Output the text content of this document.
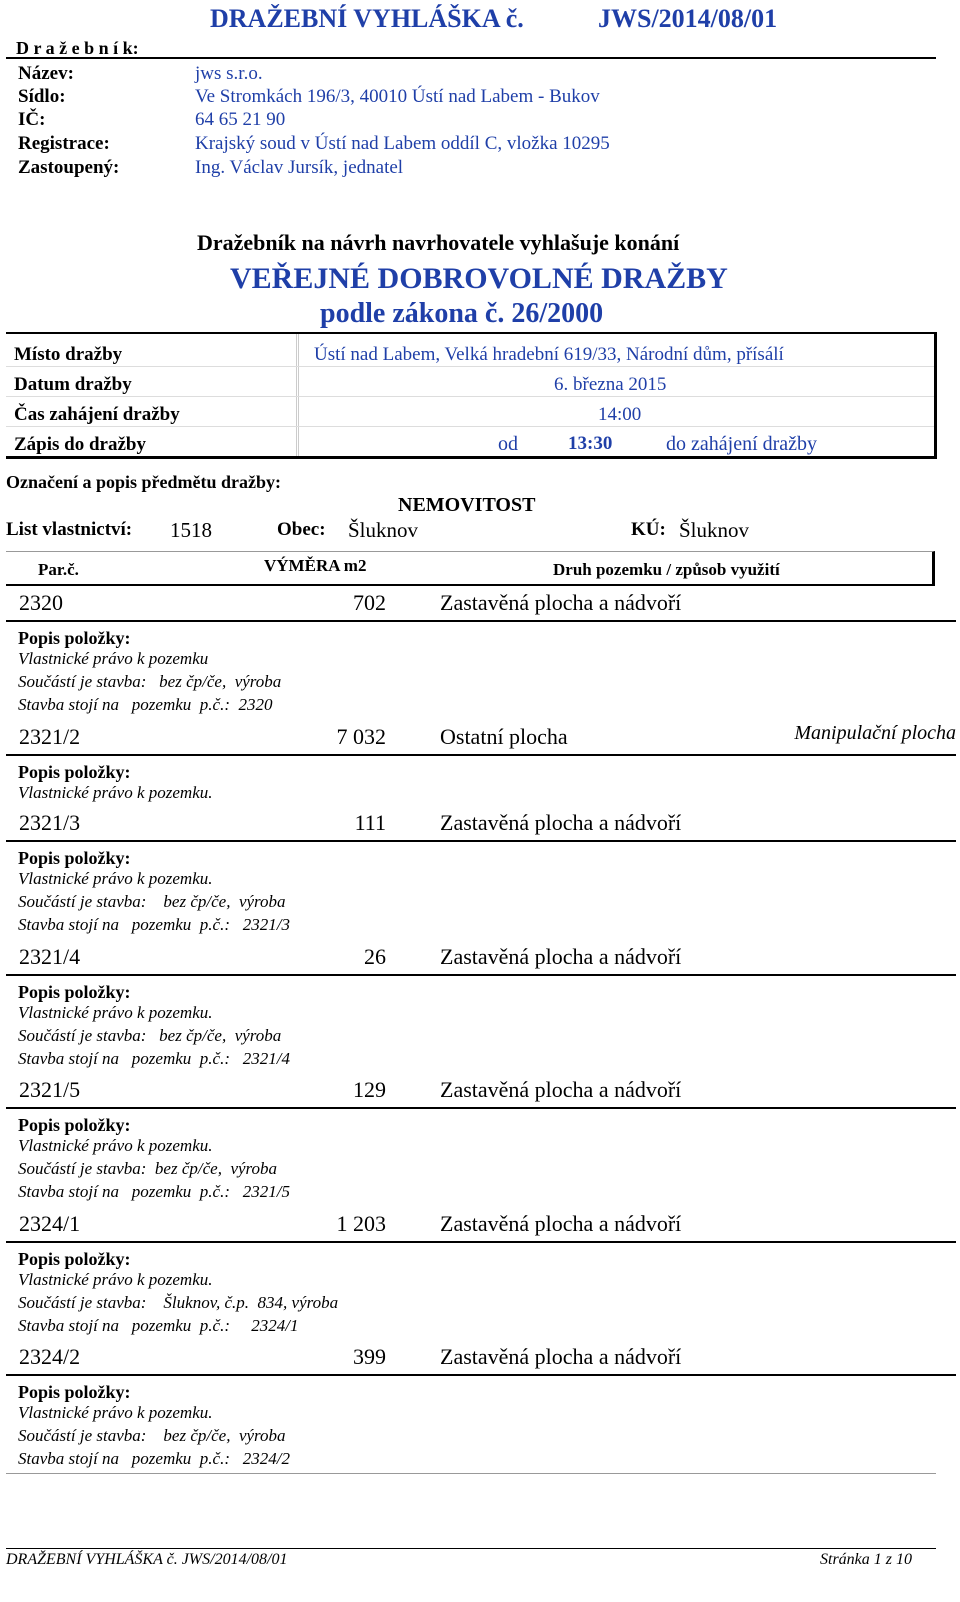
DRAŽEBNÍ VYHLÁŠKA č.	JWS/2014/08/01
D r a ž e b n í k:
Název:	jws s.r.o.
Sídlo:	Ve Stromkách 196/3, 40010 Ústí nad Labem - Bukov
IČ:	64 65 21 90
Registrace:	Krajský soud v Ústí nad Labem oddíl C, vložka 10295
Zastoupený:	Ing. Václav Jursík, jednatel
Dražebník na návrh navrhovatele vyhlašuje konání
VEŘEJNÉ DOBROVOLNÉ DRAŽBY
podle zákona č. 26/2000
Místo dražby	Ústí nad Labem, Velká hradební 619/33, Národní dům, přísálí
Datum dražby	6. března 2015
Čas zahájení dražby	14:00
Zápis do dražby	od	13:30	do zahájení dražby
Označení a popis předmětu dražby:
NEMOVITOST
List vlastnictví: 1518	Obec: Šluknov	KÚ: Šluknov
Par.č.	VÝMĚRA m2	Druh pozemku / způsob využití
2320	702 Zastavěná plocha a nádvoří
Popis položky:
Vlastnické právo k pozemku
Součástí je stavba:   bez čp/če,  výroba
Stavba stojí na   pozemku  p.č.:  2320
2321/2	7 032 Ostatní plocha	Manipulační plocha
Popis položky:
Vlastnické právo k pozemku.
2321/3	111 Zastavěná plocha a nádvoří
Popis položky:
Vlastnické právo k pozemku.
Součástí je stavba:    bez čp/če,  výroba
Stavba stojí na   pozemku  p.č.:   2321/3
2321/4	26 Zastavěná plocha a nádvoří
Popis položky:
Vlastnické právo k pozemku.
Součástí je stavba:   bez čp/če,  výroba
Stavba stojí na   pozemku  p.č.:   2321/4
2321/5	129 Zastavěná plocha a nádvoří
Popis položky:
Vlastnické právo k pozemku.
Součástí je stavba:  bez čp/če,  výroba
Stavba stojí na   pozemku  p.č.:   2321/5
2324/1	1 203 Zastavěná plocha a nádvoří
Popis položky:
Vlastnické právo k pozemku.
Součástí je stavba:    Šluknov, č.p.  834, výroba
Stavba stojí na   pozemku  p.č.:     2324/1
2324/2	399 Zastavěná plocha a nádvoří
Popis položky:
Vlastnické právo k pozemku.
Součástí je stavba:    bez čp/če,  výroba
Stavba stojí na   pozemku  p.č.:   2324/2
DRAŽEBNÍ VYHLÁŠKA č. JWS/2014/08/01	Stránka 1 z 10
